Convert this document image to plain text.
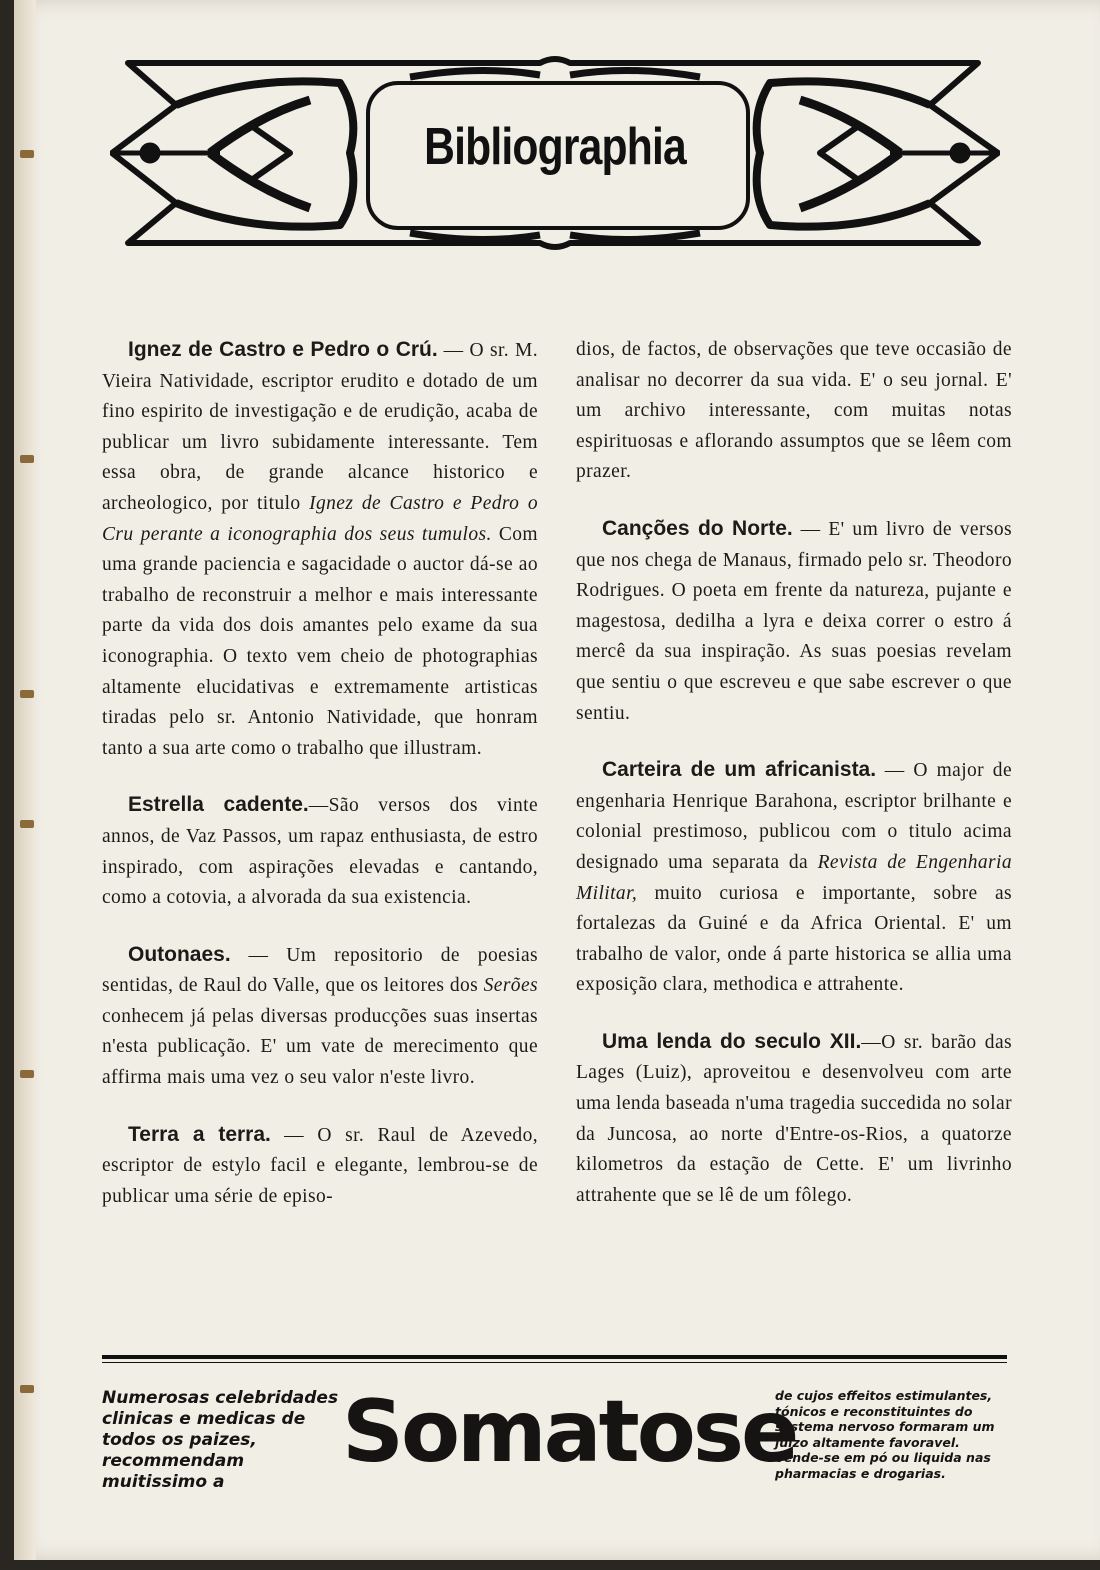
Bibliographia

Ignez de Castro e Pedro o Crú. — O sr. M. Vieira Natividade, escriptor erudito e dotado de um fino espirito de investigação e de erudição, acaba de publicar um livro subidamente interessante. Tem essa obra, de grande alcance historico e archeologico, por titulo Ignez de Castro e Pedro o Cru perante a iconographia dos seus tumulos. Com uma grande paciencia e sagacidade o auctor dá-se ao trabalho de reconstruir a melhor e mais interessante parte da vida dos dois amantes pelo exame da sua iconographia. O texto vem cheio de photographias altamente elucidativas e extremamente artisticas tiradas pelo sr. Antonio Natividade, que honram tanto a sua arte como o trabalho que illustram.

Estrella cadente.—São versos dos vinte annos, de Vaz Passos, um rapaz enthusiasta, de estro inspirado, com aspirações elevadas e cantando, como a cotovia, a alvorada da sua existencia.

Outonaes. — Um repositorio de poesias sentidas, de Raul do Valle, que os leitores dos Serões conhecem já pelas diversas producções suas insertas n'esta publicação. E' um vate de merecimento que affirma mais uma vez o seu valor n'este livro.

Terra a terra. — O sr. Raul de Azevedo, escriptor de estylo facil e elegante, lembrou-se de publicar uma série de episo-

dios, de factos, de observações que teve occasião de analisar no decorrer da sua vida. E' o seu jornal. E' um archivo interessante, com muitas notas espirituosas e aflorando assumptos que se lêem com prazer.

Canções do Norte. — E' um livro de versos que nos chega de Manaus, firmado pelo sr. Theodoro Rodrigues. O poeta em frente da natureza, pujante e magestosa, dedilha a lyra e deixa correr o estro á mercê da sua inspiração. As suas poesias revelam que sentiu o que escreveu e que sabe escrever o que sentiu.

Carteira de um africanista. — O major de engenharia Henrique Barahona, escriptor brilhante e colonial prestimoso, publicou com o titulo acima designado uma separata da Revista de Engenharia Militar, muito curiosa e importante, sobre as fortalezas da Guiné e da Africa Oriental. E' um trabalho de valor, onde á parte historica se allia uma exposição clara, methodica e attrahente.

Uma lenda do seculo XII.—O sr. barão das Lages (Luiz), aproveitou e desenvolveu com arte uma lenda baseada n'uma tragedia succedida no solar da Juncosa, ao norte d'Entre-os-Rios, a quatorze kilometros da estação de Cette. E' um livrinho attrahente que se lê de um fôlego.

Numerosas celebridades clinicas e medicas de todos os paizes, recommendam muitissimo a	Somatose
de cujos effeitos estimulantes, tónicos e reconstituintes do systema nervoso formaram um juizo altamente favoravel. Vende-se em pó ou liquida nas pharmacias e drogarias.
